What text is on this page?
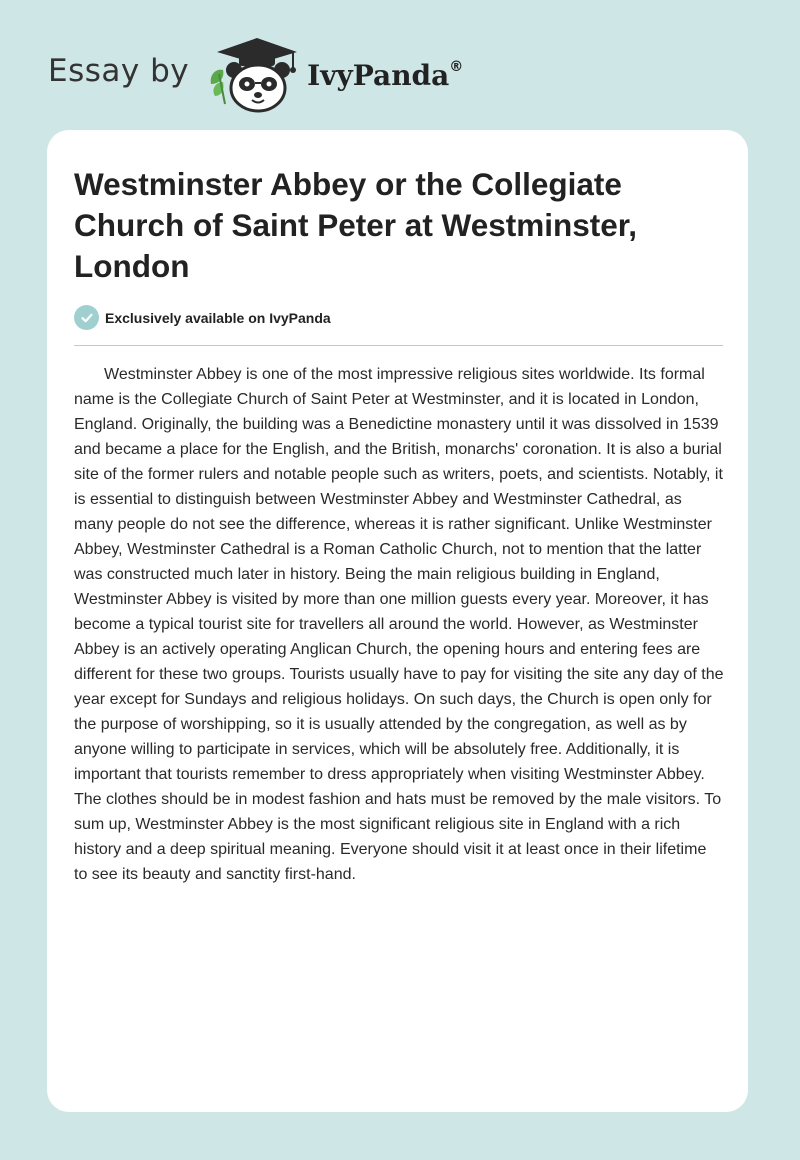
Essay by	IvyPanda®
Westminster Abbey or the Collegiate Church of Saint Peter at Westminster, London
Exclusively available on IvyPanda

Westminster Abbey is one of the most impressive religious sites worldwide. Its formal name is the Collegiate Church of Saint Peter at Westminster, and it is located in London, England. Originally, the building was a Benedictine monastery until it was dissolved in 1539 and became a place for the English, and the British, monarchs' coronation. It is also a burial site of the former rulers and notable people such as writers, poets, and scientists. Notably, it is essential to distinguish between Westminster Abbey and Westminster Cathedral, as many people do not see the difference, whereas it is rather significant. Unlike Westminster Abbey, Westminster Cathedral is a Roman Catholic Church, not to mention that the latter was constructed much later in history. Being the main religious building in England, Westminster Abbey is visited by more than one million guests every year. Moreover, it has become a typical tourist site for travellers all around the world. However, as Westminster Abbey is an actively operating Anglican Church, the opening hours and entering fees are different for these two groups. Tourists usually have to pay for visiting the site any day of the year except for Sundays and religious holidays. On such days, the Church is open only for the purpose of worshipping, so it is usually attended by the congregation, as well as by anyone willing to participate in services, which will be absolutely free. Additionally, it is important that tourists remember to dress appropriately when visiting Westminster Abbey. The clothes should be in modest fashion and hats must be removed by the male visitors. To sum up, Westminster Abbey is the most significant religious site in England with a rich history and a deep spiritual meaning. Everyone should visit it at least once in their lifetime to see its beauty and sanctity first-hand.
